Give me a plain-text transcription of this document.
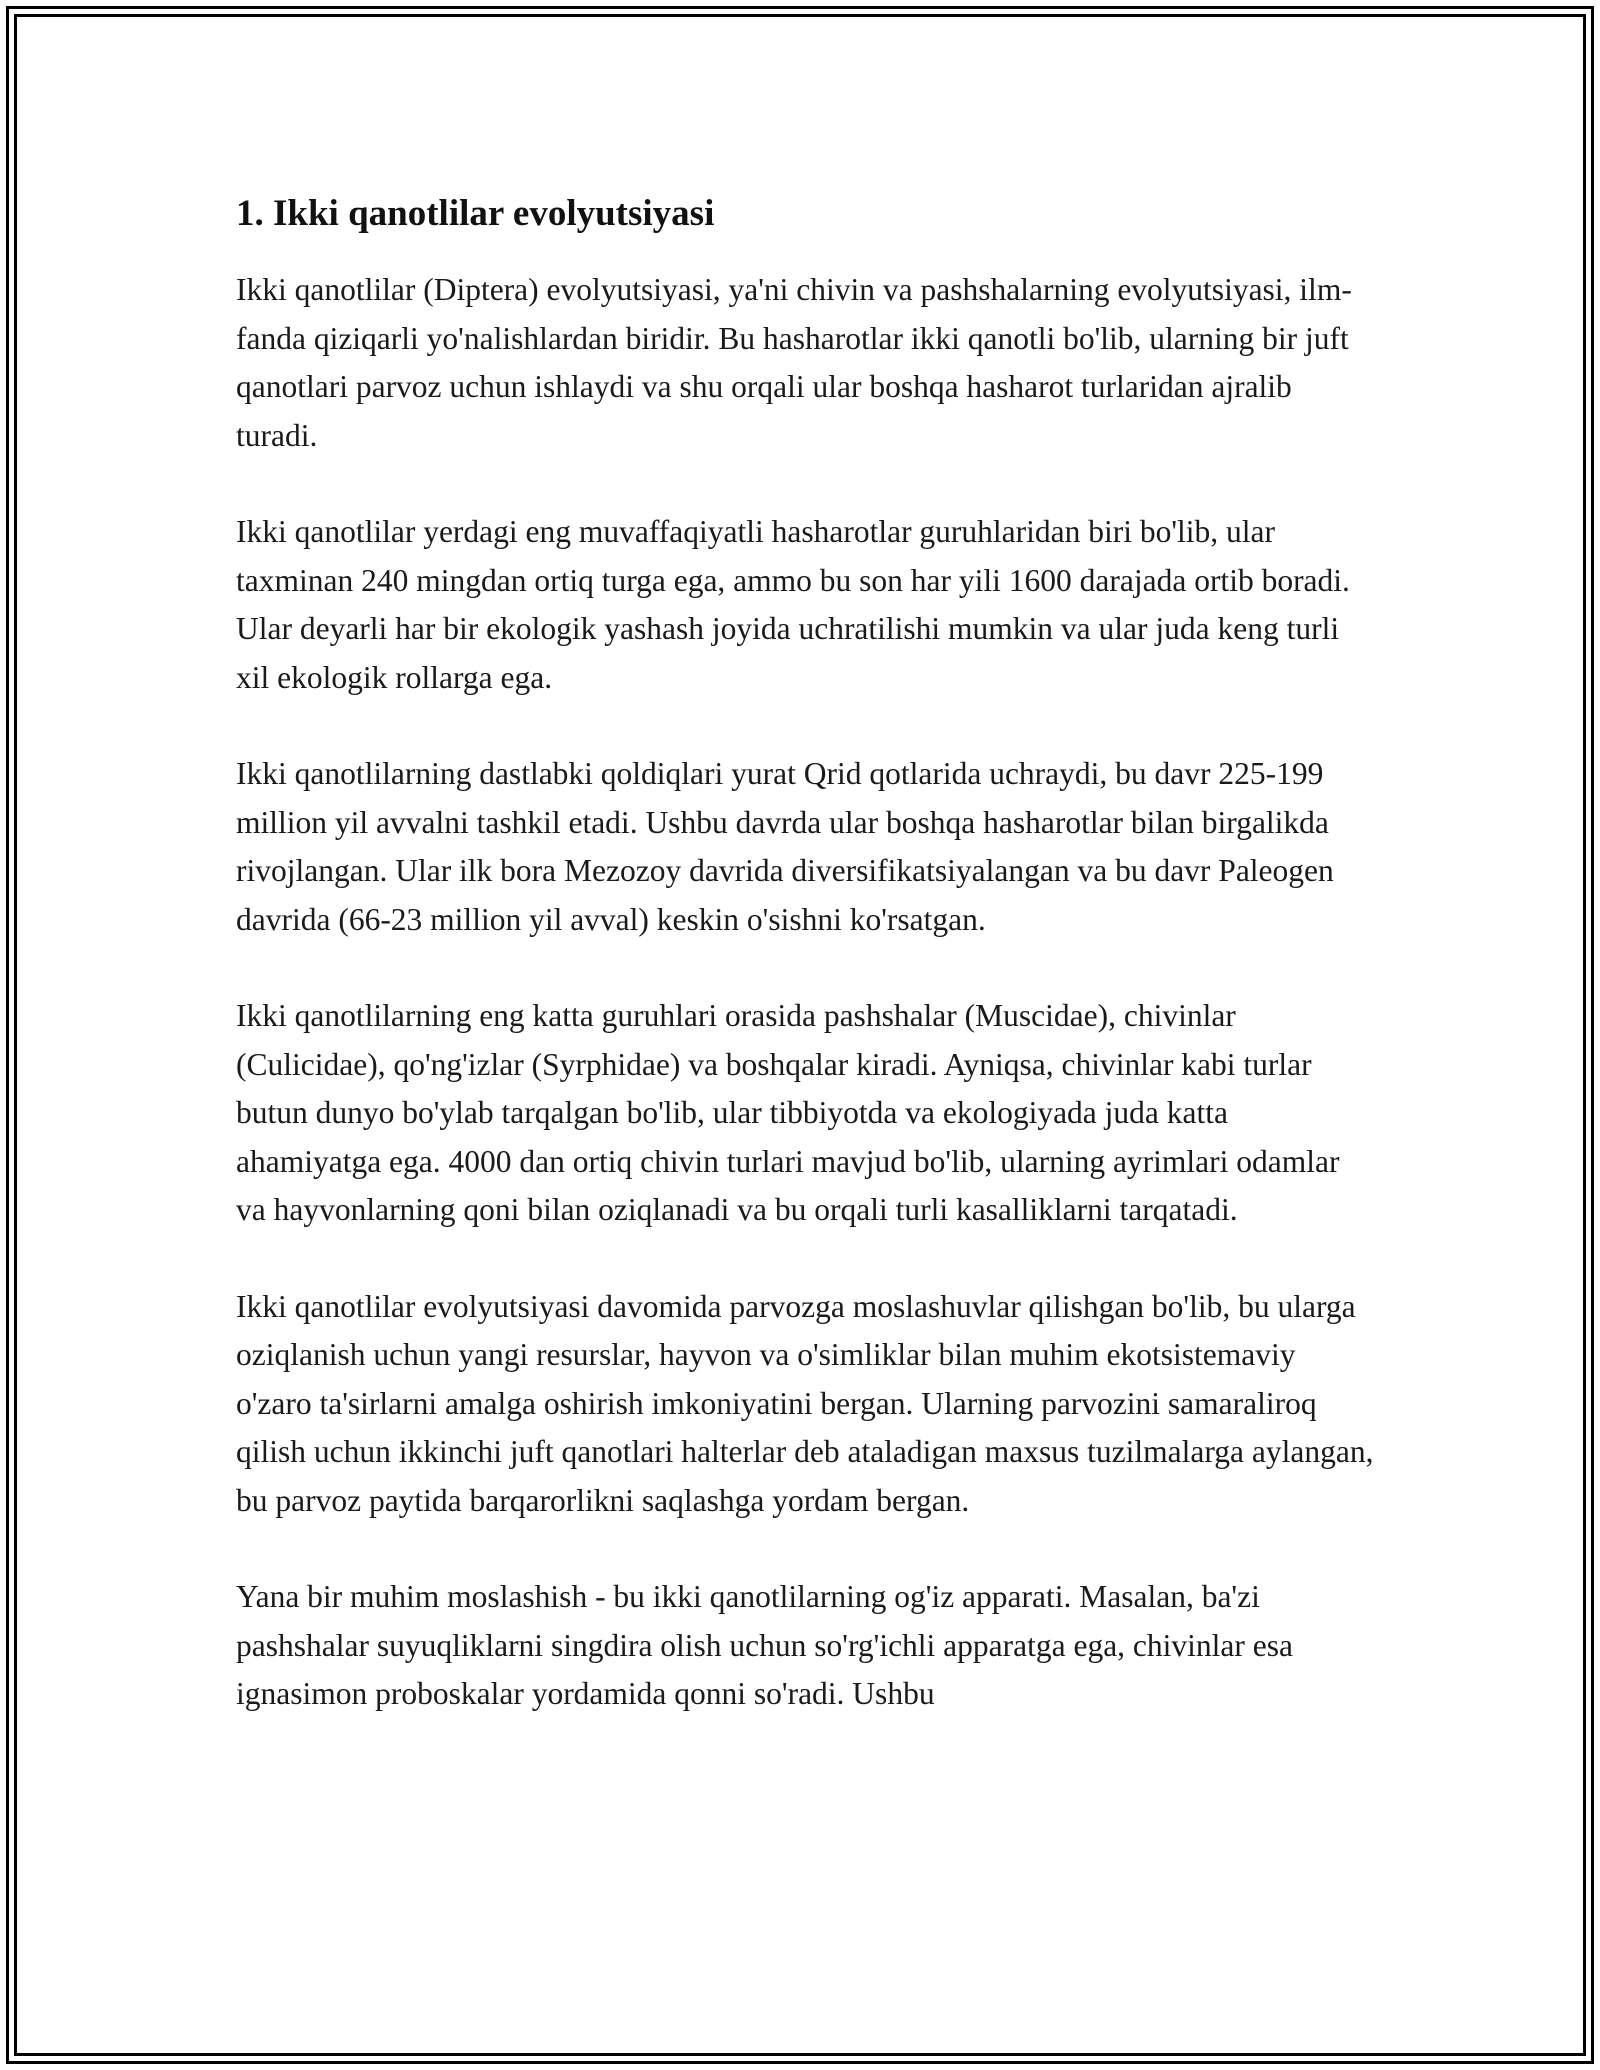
1. Ikki qanotlilar evolyutsiyasi

Ikki qanotlilar (Diptera) evolyutsiyasi, ya'ni chivin va pashshalarning evolyutsiyasi, ilm-fanda qiziqarli yo'nalishlardan biridir. Bu hasharotlar ikki qanotli bo'lib, ularning bir juft qanotlari parvoz uchun ishlaydi va shu orqali ular boshqa hasharot turlaridan ajralib turadi.

Ikki qanotlilar yerdagi eng muvaffaqiyatli hasharotlar guruhlaridan biri bo'lib, ular taxminan 240 mingdan ortiq turga ega, ammo bu son har yili 1600 darajada ortib boradi. Ular deyarli har bir ekologik yashash joyida uchratilishi mumkin va ular juda keng turli xil ekologik rollarga ega.

Ikki qanotlilarning dastlabki qoldiqlari yurat Qrid qotlarida uchraydi, bu davr 225-199 million yil avvalni tashkil etadi. Ushbu davrda ular boshqa hasharotlar bilan birgalikda rivojlangan. Ular ilk bora Mezozoy davrida diversifikatsiyalangan va bu davr Paleogen davrida (66-23 million yil avval) keskin o'sishni ko'rsatgan.

Ikki qanotlilarning eng katta guruhlari orasida pashshalar (Muscidae), chivinlar (Culicidae), qo'ng'izlar (Syrphidae) va boshqalar kiradi. Ayniqsa, chivinlar kabi turlar butun dunyo bo'ylab tarqalgan bo'lib, ular tibbiyotda va ekologiyada juda katta ahamiyatga ega. 4000 dan ortiq chivin turlari mavjud bo'lib, ularning ayrimlari odamlar va hayvonlarning qoni bilan oziqlanadi va bu orqali turli kasalliklarni tarqatadi.

Ikki qanotlilar evolyutsiyasi davomida parvozga moslashuvlar qilishgan bo'lib, bu ularga oziqlanish uchun yangi resurslar, hayvon va o'simliklar bilan muhim ekotsistemaviy o'zaro ta'sirlarni amalga oshirish imkoniyatini bergan. Ularning parvozini samaraliroq qilish uchun ikkinchi juft qanotlari halterlar deb ataladigan maxsus tuzilmalarga aylangan, bu parvoz paytida barqarorlikni saqlashga yordam bergan.

Yana bir muhim moslashish - bu ikki qanotlilarning og'iz apparati. Masalan, ba'zi pashshalar suyuqliklarni singdira olish uchun so'rg'ichli apparatga ega, chivinlar esa ignasimon proboskalar yordamida qonni so'radi. Ushbu
